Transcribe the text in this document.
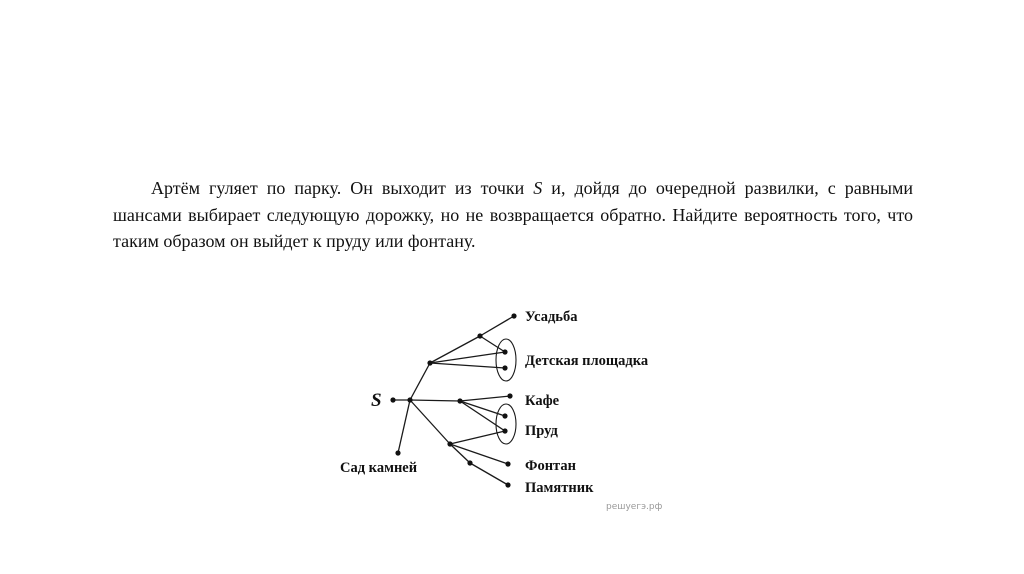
Артём гуляет по парку. Он выходит из точки S и, дойдя до очередной развилки, с равными шансами выбирает следующую дорожку, но не возвращается обратно. Найдите вероятность того, что таким образом он выйдет к пруду или фонтану.

S
Сад камней
Усадьба
Детская площадка
Кафе
Пруд
Фонтан
Памятник
решуегэ.рф
